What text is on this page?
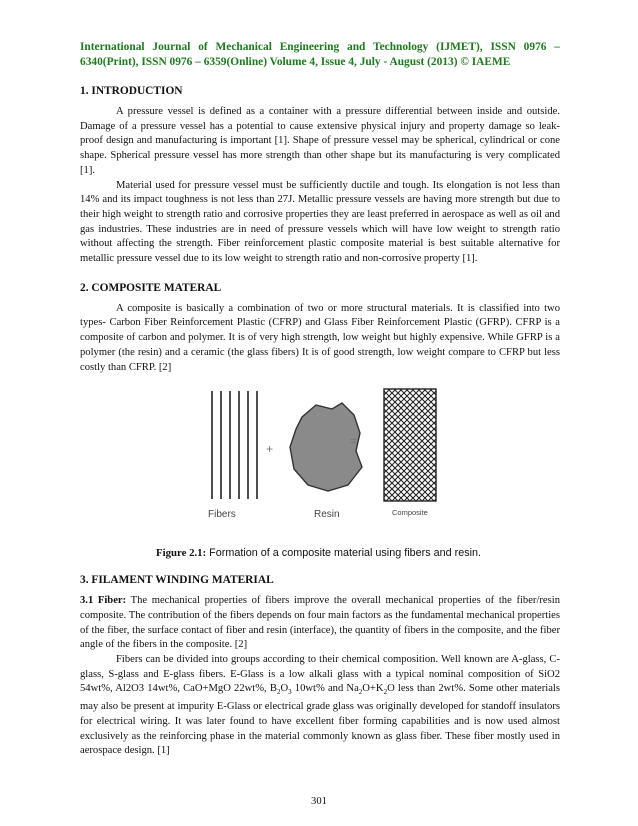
International Journal of Mechanical Engineering and Technology (IJMET), ISSN 0976 – 6340(Print), ISSN 0976 – 6359(Online) Volume 4, Issue 4, July - August (2013) © IAEME

1. INTRODUCTION

A pressure vessel is defined as a container with a pressure differential between inside and outside. Damage of a pressure vessel has a potential to cause extensive physical injury and property damage so leak-proof design and manufacturing is important [1]. Shape of pressure vessel may be spherical, cylindrical or cone shape. Spherical pressure vessel has more strength than other shape but its manufacturing is very complicated [1].

Material used for pressure vessel must be sufficiently ductile and tough. Its elongation is not less than 14% and its impact toughness is not less than 27J. Metallic pressure vessels are having more strength but due to their high weight to strength ratio and corrosive properties they are least preferred in aerospace as well as oil and gas industries. These industries are in need of pressure vessels which will have low weight to strength ratio without affecting the strength. Fiber reinforcement plastic composite material is best suitable alternative for metallic pressure vessel due to its low weight to strength ratio and non-corrosive property [1].

2. COMPOSITE MATERAL

A composite is basically a combination of two or more structural materials. It is classified into two types- Carbon Fiber Reinforcement Plastic (CFRP) and Glass Fiber Reinforcement Plastic (GFRP). CFRP is a composite of carbon and polymer. It is of very high strength, low weight but highly expensive. While GFRP is a polymer (the resin) and a ceramic (the glass fibers) It is of good strength, low weight compare to CFRP but less costly than CFRP. [2]

+
=
Fibers	Resin	Composite
Figure 2.1: Formation of a composite material using fibers and resin.
3. FILAMENT WINDING MATERIAL

3.1 Fiber: The mechanical properties of fibers improve the overall mechanical properties of the fiber/resin composite. The contribution of the fibers depends on four main factors as the fundamental mechanical properties of the fiber, the surface contact of fiber and resin (interface), the quantity of fibers in the composite, and the fiber angle of the fibers in the composite. [2]

Fibers can be divided into groups according to their chemical composition. Well known are A-glass, C-glass, S-glass and E-glass fibers. E-Glass is a low alkali glass with a typical nominal composition of SiO2 54wt%, Al2O3 14wt%, CaO+MgO 22wt%, $B_2O_3$ 10wt% and $Na_2O+K_2O$ less than 2wt%. Some other materials may also be present at impurity E-Glass or electrical grade glass was originally developed for standoff insulators for electrical wiring. It was later found to have excellent fiber forming capabilities and is now used almost exclusively as the reinforcing phase in the material commonly known as glass fiber. These fiber mostly used in aerospace design. [1]

301
